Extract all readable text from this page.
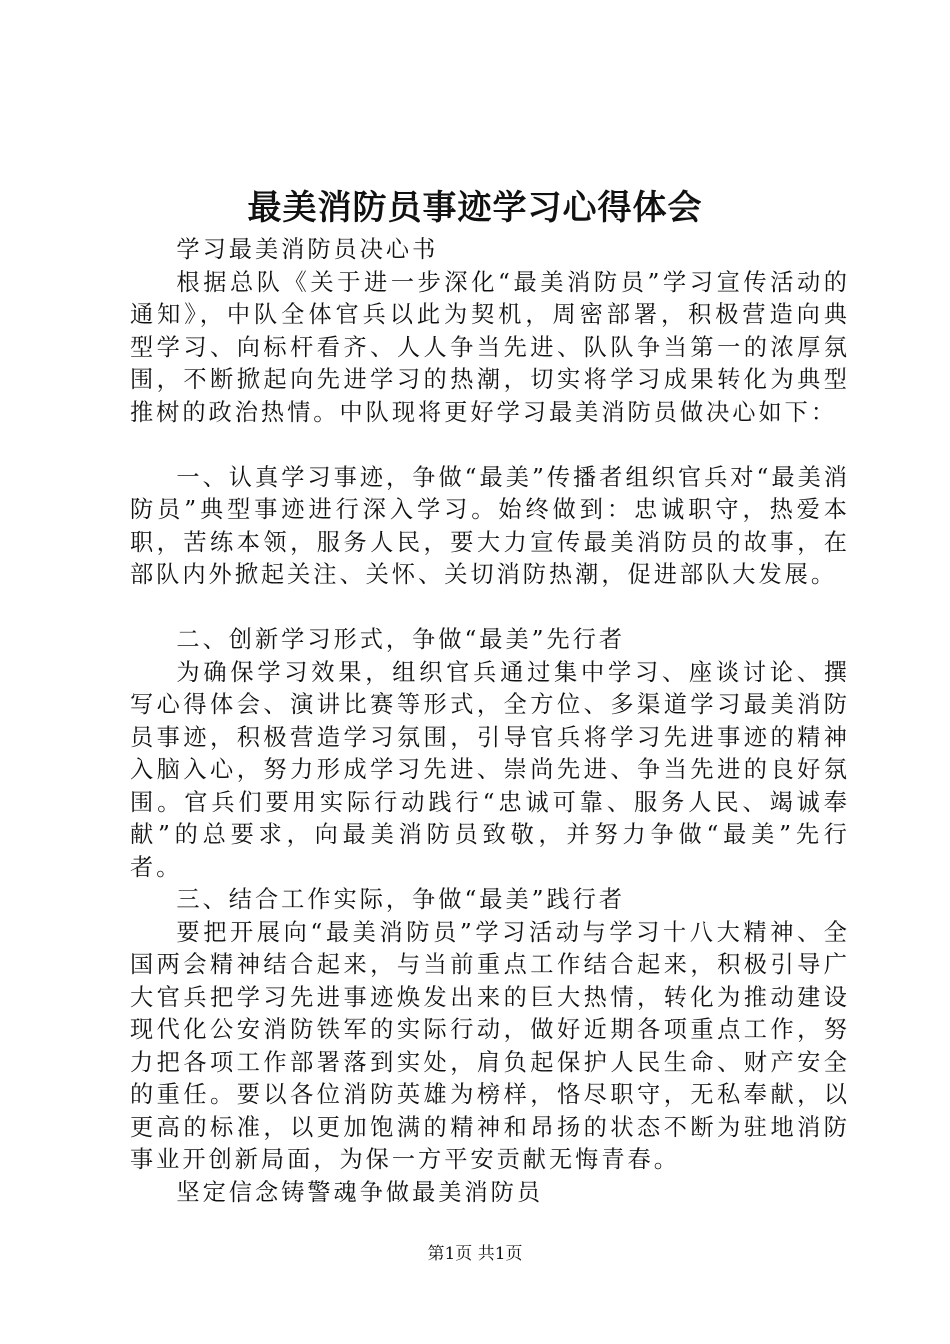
最美消防员事迹学习心得体会

学习最美消防员决心书

根据总队《关于进一步深化“最美消防员”学习宣传活动的通知》，中队全体官兵以此为契机，周密部署，积极营造向典型学习、向标杆看齐、人人争当先进、队队争当第一的浓厚氛围，不断掀起向先进学习的热潮，切实将学习成果转化为典型推树的政治热情。中队现将更好学习最美消防员做决心如下：

一、认真学习事迹，争做“最美”传播者组织官兵对“最美消防员”典型事迹进行深入学习。始终做到：忠诚职守，热爱本职，苦练本领，服务人民，要大力宣传最美消防员的故事，在部队内外掀起关注、关怀、关切消防热潮，促进部队大发展。

二、创新学习形式，争做“最美”先行者

为确保学习效果，组织官兵通过集中学习、座谈讨论、撰写心得体会、演讲比赛等形式，全方位、多渠道学习最美消防员事迹，积极营造学习氛围，引导官兵将学习先进事迹的精神入脑入心，努力形成学习先进、崇尚先进、争当先进的良好氛围。官兵们要用实际行动践行“忠诚可靠、服务人民、竭诚奉献”的总要求，向最美消防员致敬，并努力争做“最美”先行者。

三、结合工作实际，争做“最美”践行者

要把开展向“最美消防员”学习活动与学习十八大精神、全国两会精神结合起来，与当前重点工作结合起来，积极引导广大官兵把学习先进事迹焕发出来的巨大热情，转化为推动建设现代化公安消防铁军的实际行动，做好近期各项重点工作，努力把各项工作部署落到实处，肩负起保护人民生命、财产安全的重任。要以各位消防英雄为榜样，恪尽职守，无私奉献，以更高的标准，以更加饱满的精神和昂扬的状态不断为驻地消防事业开创新局面，为保一方平安贡献无悔青春。

坚定信念铸警魂争做最美消防员

第1页 共1页
